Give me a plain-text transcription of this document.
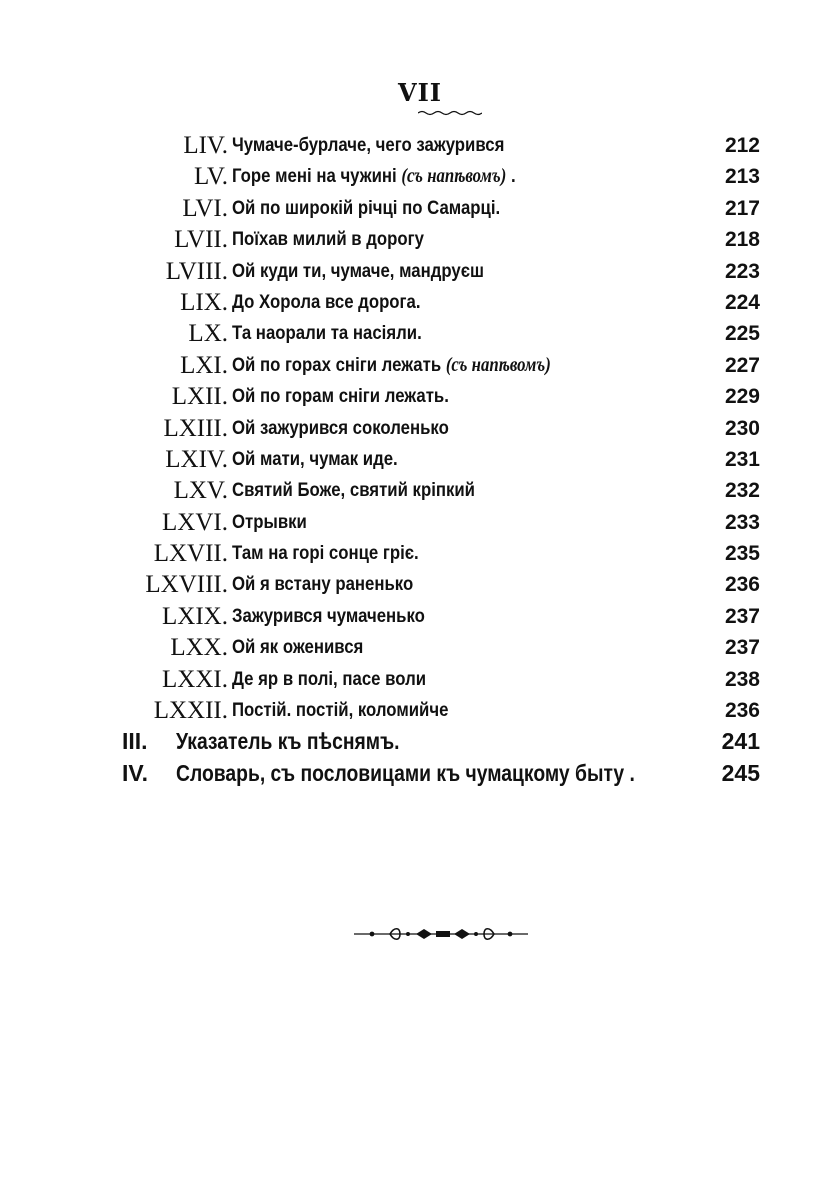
VII
LIV. Чумаче-бурлаче, чего зажурився	212
LV. Горе мені на чужині (съ напѣвомъ) .	213
LVI. Ой по широкій річці по Самарці.	217
LVII. Поїхав милий в дорогу	218
LVIII. Ой куди ти, чумаче, мандруєш	223
LIX. До Хорола все дорога.	224
LX. Та наорали та насіяли.	225
LXI. Ой по горах сніги лежать (съ напѣвомъ)	227
LXII. Ой по горам сніги лежать.	229
LXIII. Ой зажурився соколенько	230
LXIV. Ой мати, чумак иде.	231
LXV. Святий Боже, святий кріпкий	232
LXVI. Отрывки	233
LXVII. Там на горі сонце гріє.	235
LXVIII. Ой я встану раненько	236
LXIX. Зажурився чумаченько	237
LXX. Ой як оженився	237
LXXI. Де яр в полі, пасе воли	238
LXXII. Постій. постій, коломийче	236
III. Указатель къ пѣснямъ.	241
IV. Словарь, съ пословицами къ чумацкому быту .	245
